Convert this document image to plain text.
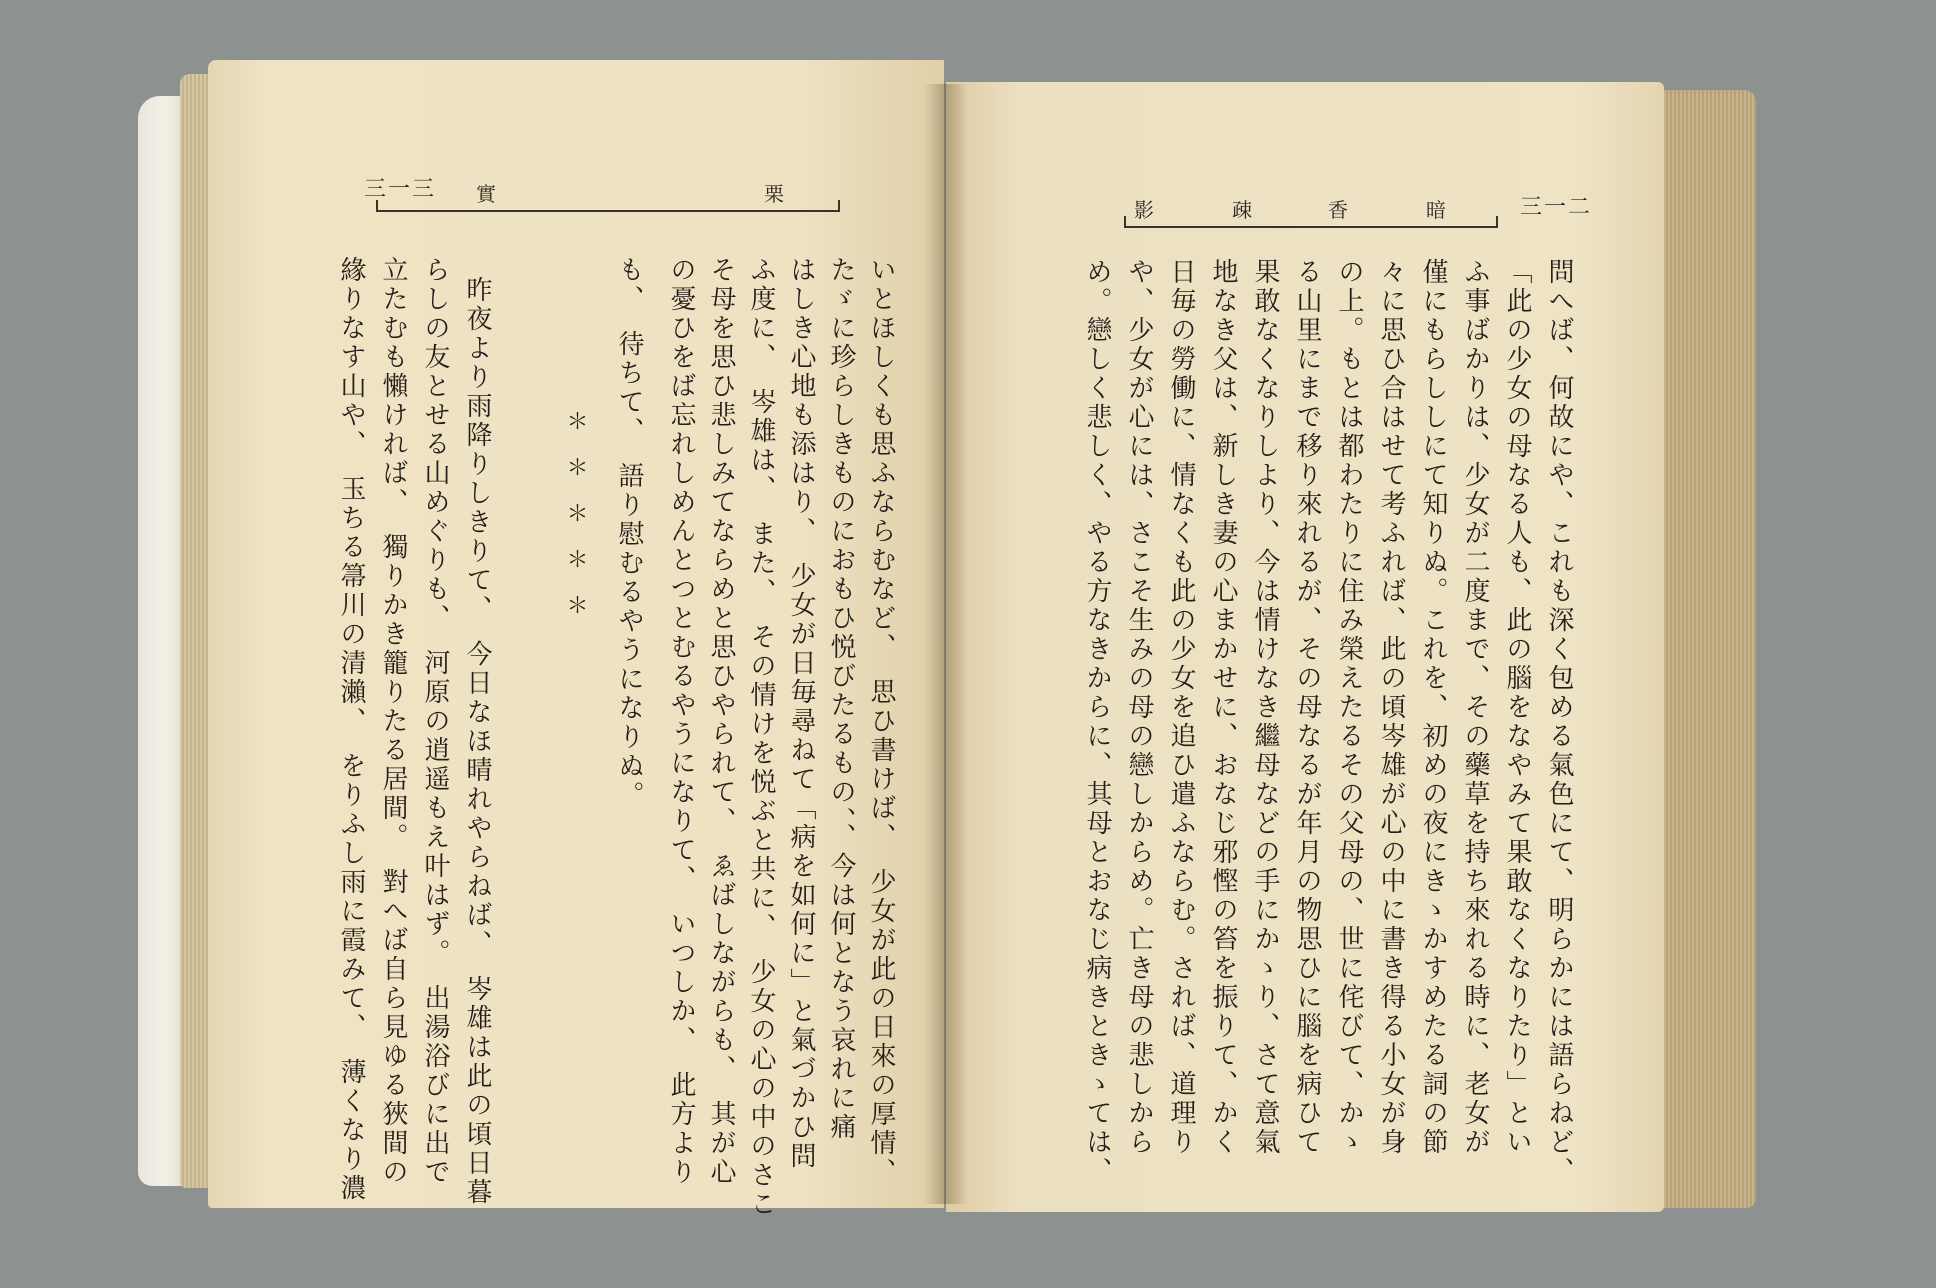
三一三 實	栗
いとほしくも思ふならむなど、　思ひ書けば、　少女が此の日來の厚情、
たゞに珍らしきものにおもひ悦びたるもの、、今は何となう哀れに痛
はしき心地も添はり、　少女が日毎尋ねて「病を如何に」と氣づかひ問
ふ度に、　岑雄は、　また、　その情けを悦ぶと共に、　少女の心の中のさこ
そ母を思ひ悲しみてならめと思ひやられて、　ゑばしながらも、　其が心
の憂ひをば忘れしめんとつとむるやうになりて、　いつしか、　此方より
も、　待ちて、　語り慰むるやうになりぬ。
＊＊＊＊＊
昨夜より雨降りしきりて、　今日なほ晴れやらねば、　岑雄は此の頃日暮
らしの友とせる山めぐりも、　河原の逍遥もえ叶はず。　出湯浴びに出で
立たむも懶ければ、　獨りかき籠りたる居間。　對へば自ら見ゆる狹間の
緣りなす山や、　玉ちる箒川の清瀨、　をりふし雨に霞みて、　薄くなり濃
三一二
暗
香
疎
影
問へば、何故にや、これも深く包める氣色にて、明らかには語らねど、
「此の少女の母なる人も、此の腦をなやみて果敢なくなりたり」とい
ふ事ばかりは、少女が二度まで、その藥草を持ち來れる時に、老女が
僅にもらししにて知りぬ。これを、初めの夜にきゝかすめたる詞の節
々に思ひ合はせて考ふれば、此の頃岑雄が心の中に書き得る小女が身
の上。もとは都わたりに住み榮えたるその父母の、世に侘びて、かゝ
る山里にまで移り來れるが、その母なるが年月の物思ひに腦を病ひて
果敢なくなりしより、今は情けなき繼母などの手にかゝり、さて意氣
地なき父は、新しき妻の心まかせに、おなじ邪慳の笞を振りて、かく
日毎の勞働に、情なくも此の少女を追ひ遣ふならむ。されば、道理り
や、少女が心には、さこそ生みの母の戀しからめ。亡き母の悲しから
め。戀しく悲しく、やる方なきからに、其母とおなじ病きときゝては、
